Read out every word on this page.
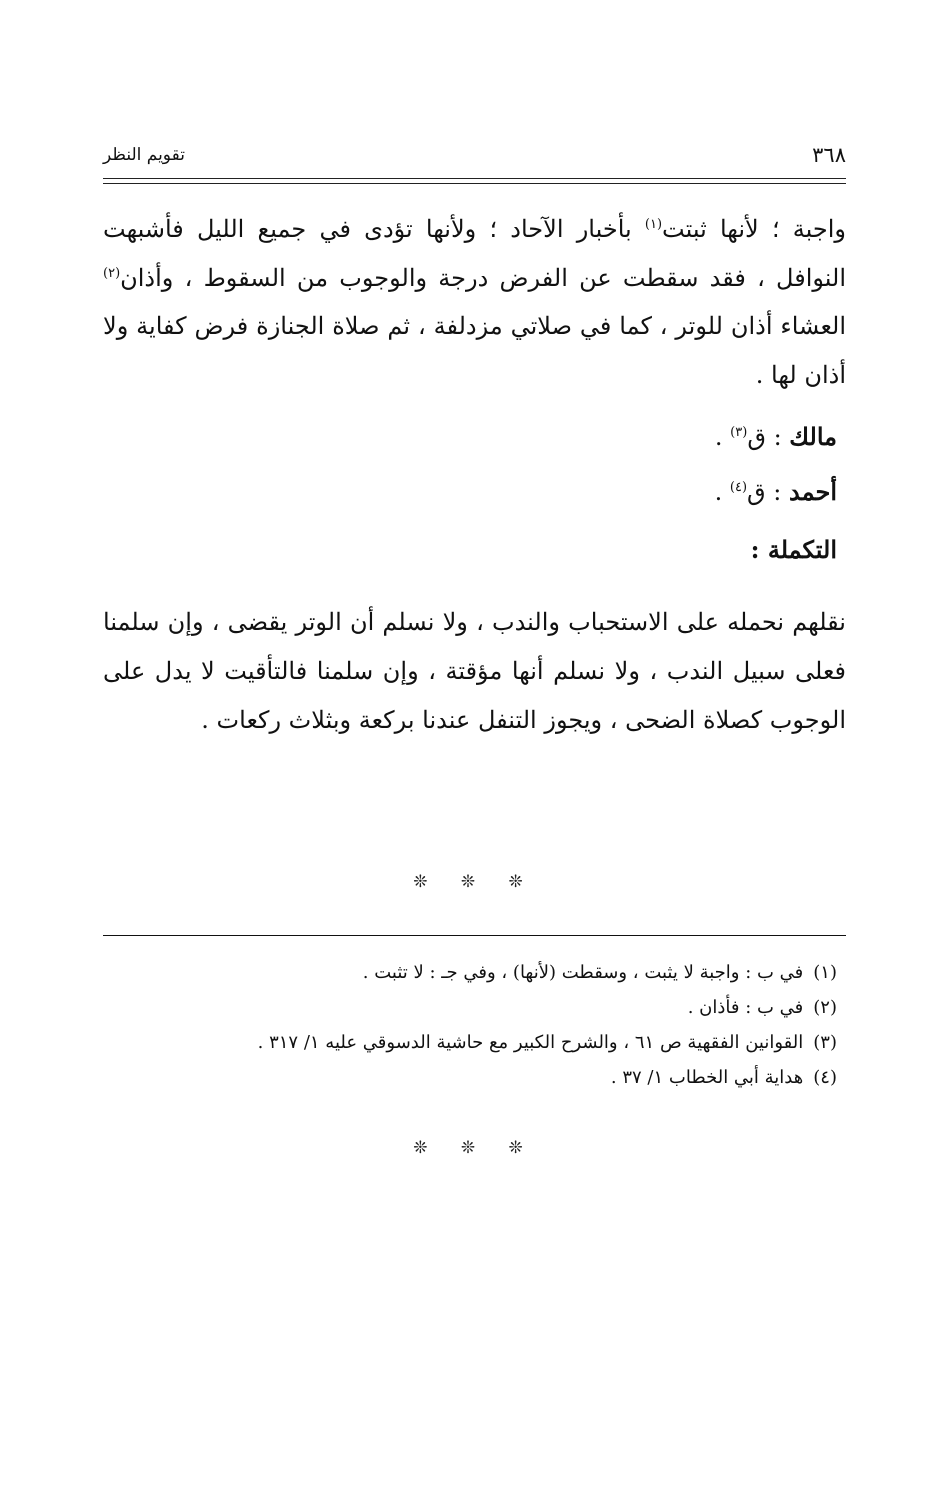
٣٦٨
تقويم النظر
واجبة ؛ لأنها ثبتت$^{(١)}$ بأخبار الآحاد ؛ ولأنها تؤدى في جميع الليل فأشبهت النوافل ، فقد سقطت عن الفرض درجة والوجوب من السقوط ، وأذان$^{(٢)}$ العشاء أذان للوتر ، كما في صلاتي مزدلفة ، ثم صلاة الجنازة فرض كفاية ولا أذان لها .
مالك : ق$^{(٣)}$ .
أحمد : ق$^{(٤)}$ .
التكملة :
نقلهم نحمله على الاستحباب والندب ، ولا نسلم أن الوتر يقضى ، وإن سلمنا فعلى سبيل الندب ، ولا نسلم أنها مؤقتة ، وإن سلمنا فالتأقيت لا يدل على الوجوب كصلاة الضحى ، ويجوز التنفل عندنا بركعة وبثلاث ركعات .
❊ ❊ ❊
(١)في ب : واجبة لا يثبت ، وسقطت (لأنها) ، وفي جـ : لا تثبت .
(٢)في ب : فأذان .
(٣)القوانين الفقهية ص ٦١ ، والشرح الكبير مع حاشية الدسوقي عليه ١/ ٣١٧ .
(٤)هداية أبي الخطاب ١/ ٣٧ .
❊ ❊ ❊
